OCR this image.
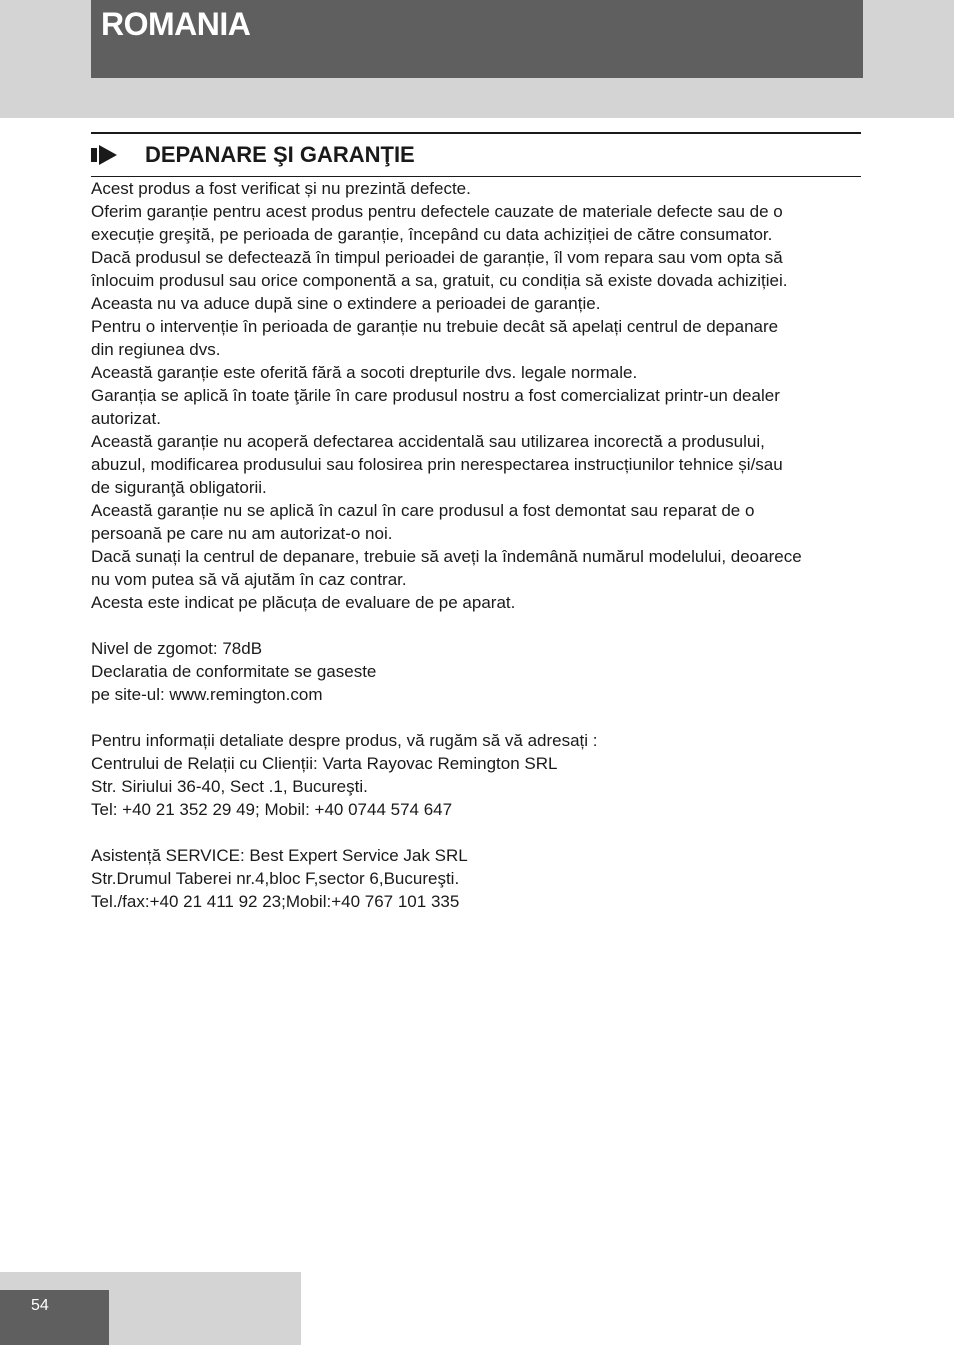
ROMANIA
DEPANARE ŞI GARANŢIE

Acest produs a fost verificat și nu prezintă defecte.

Oferim garanție pentru acest produs pentru defectele cauzate de materiale defecte sau de o

execuție greşită, pe perioada de garanție, începând cu data achiziției de către consumator.

Dacă produsul se defectează în timpul perioadei de garanție, îl vom repara sau vom opta să

înlocuim produsul sau orice componentă a sa, gratuit, cu condiția să existe dovada achiziției.

Aceasta nu va aduce după sine o extindere a perioadei de garanție.

Pentru o intervenție în perioada de garanție nu trebuie decât să apelați centrul de depanare

din regiunea dvs.

Această garanție este oferită fără a socoti drepturile dvs. legale normale.

Garanția se aplică în toate ţările în care produsul nostru a fost comercializat printr-un dealer

autorizat.

Această garanție nu acoperă defectarea accidentală sau utilizarea incorectă a produsului,

abuzul, modificarea produsului sau folosirea prin nerespectarea instrucțiunilor tehnice și/sau

de siguranţă obligatorii.

Această garanție nu se aplică în cazul în care produsul a fost demontat sau reparat de o

persoană pe care nu am autorizat-o noi.

Dacă sunați la centrul de depanare, trebuie să aveți la îndemână numărul modelului, deoarece

nu vom putea să vă ajutăm în caz contrar.

Acesta este indicat pe plăcuța de evaluare de pe aparat.

Nivel de zgomot: 78dB

Declaratia de conformitate se gaseste

pe site-ul: www.remington.com

Pentru informații detaliate despre produs, vă rugăm să vă adresați :

Centrului de Relații cu Clienții: Varta Rayovac Remington SRL

Str. Siriului 36-40, Sect .1, Bucureşti.

Tel: +40 21 352 29 49; Mobil: +40 0744 574 647

Asistență SERVICE: Best Expert Service Jak SRL

Str.Drumul Taberei nr.4,bloc F,sector 6,Bucureşti.

Tel./fax:+40 21 411 92 23;Mobil:+40 767 101 335

54
